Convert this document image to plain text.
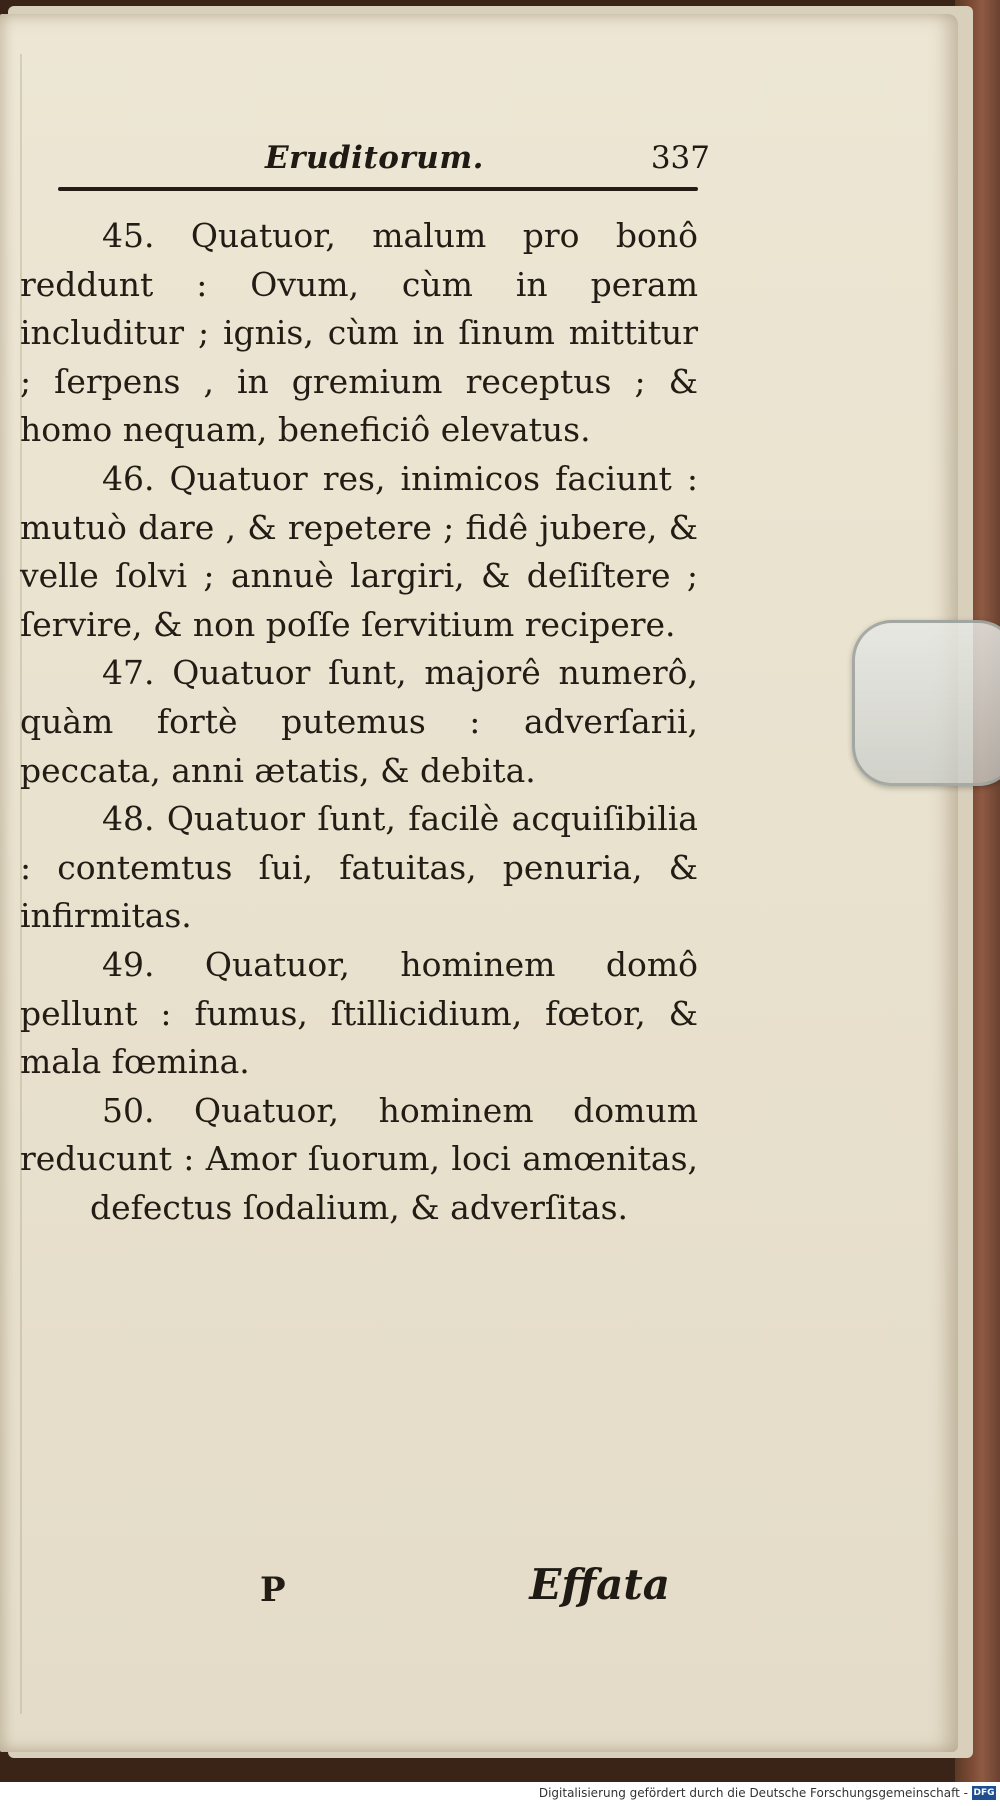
Eruditorum.	337

45. Quatuor, malum pro bonô reddunt : Ovum, cùm in peram includitur ; ignis, cùm in ſinum mittitur ; ſerpens , in gremium receptus ; & homo nequam, beneficiô elevatus.

46. Quatuor res, inimicos faciunt : mutuò dare , & repetere ; fidê jubere, & velle ſolvi ; annuè largiri, & deſiſtere ; ſervire, & non poſſe ſervitium recipere.

47. Quatuor ſunt, majorê numerô, quàm fortè putemus : adverſarii, peccata, anni ætatis, & debita.

48. Quatuor ſunt, facilè acquiſibilia : contemtus ſui, fatuitas, penuria, & infirmitas.

49. Quatuor, hominem domô pellunt : fumus, ſtillicidium, fœtor, & mala fœmina.

50. Quatuor, hominem domum reducunt : Amor ſuorum, loci amœnitas, defectus ſodalium, & adverſitas.

P	Effata
Digitalisierung gefördert durch die Deutsche Forschungsgemeinschaft - DFG
